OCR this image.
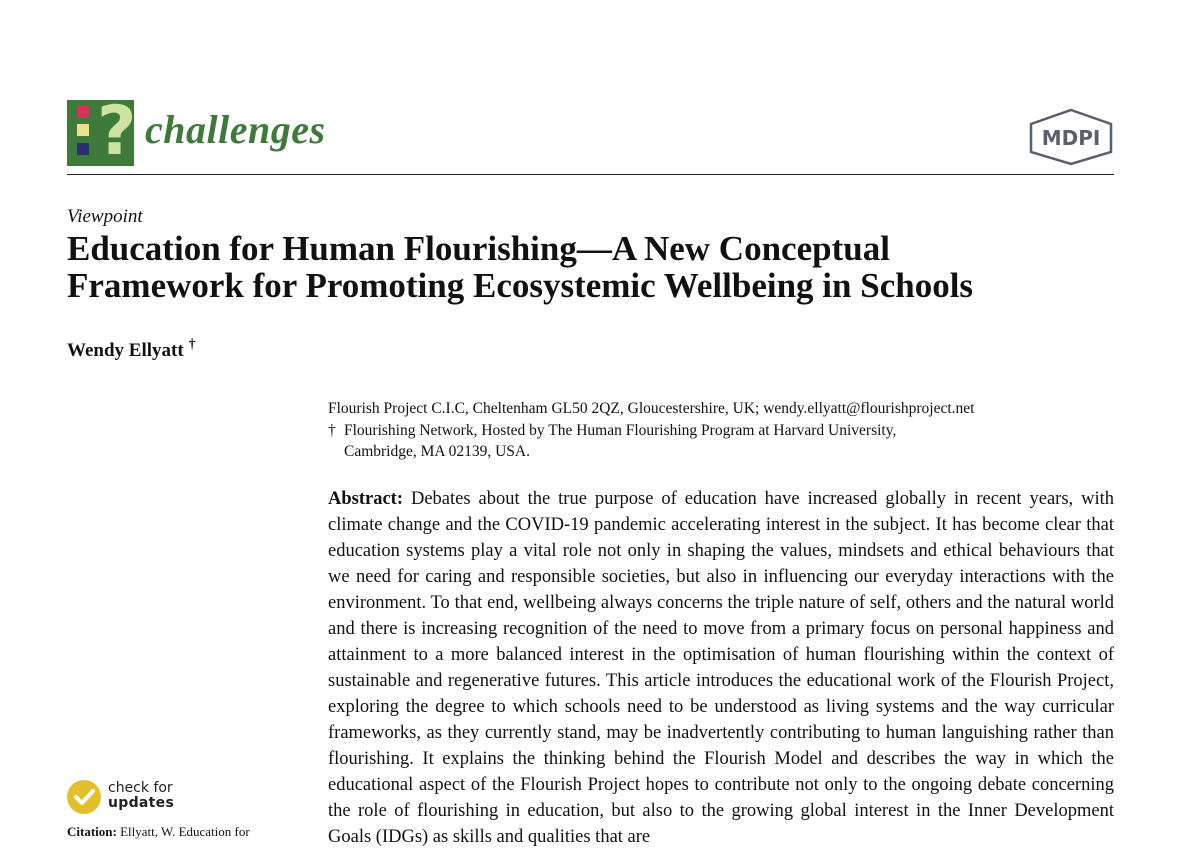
? challenges	MDPI
Viewpoint
Education for Human Flourishing—A New Conceptual
Framework for Promoting Ecosystemic Wellbeing in Schools
Wendy Ellyatt †
Flourish Project C.I.C, Cheltenham GL50 2QZ, Gloucestershire, UK; wendy.ellyatt@flourishproject.net
† Flourishing Network, Hosted by The Human Flourishing Program at Harvard University,
Cambridge, MA 02139, USA.

Abstract: Debates about the true purpose of education have increased globally in recent years, with climate change and the COVID-19 pandemic accelerating interest in the subject. It has become clear that education systems play a vital role not only in shaping the values, mindsets and ethical behaviours that we need for caring and responsible societies, but also in influencing our everyday interactions with the environment. To that end, wellbeing always concerns the triple nature of self, others and the natural world and there is increasing recognition of the need to move from a primary focus on personal happiness and attainment to a more balanced interest in the optimisation of human flourishing within the context of sustainable and regenerative futures. This article introduces the educational work of the Flourish Project, exploring the degree to which schools need to be understood as living systems and the way curricular frameworks, as they currently stand, may be inadvertently contributing to human languishing rather than flourishing. It explains the thinking behind the Flourish Model and describes the way in which the educational aspect of the Flourish Project hopes to contribute not only to the ongoing debate concerning the role of flourishing in education, but also to the growing global interest in the Inner Development Goals (IDGs) as skills and qualities that are

check for
updates
Citation: Ellyatt, W. Education for
